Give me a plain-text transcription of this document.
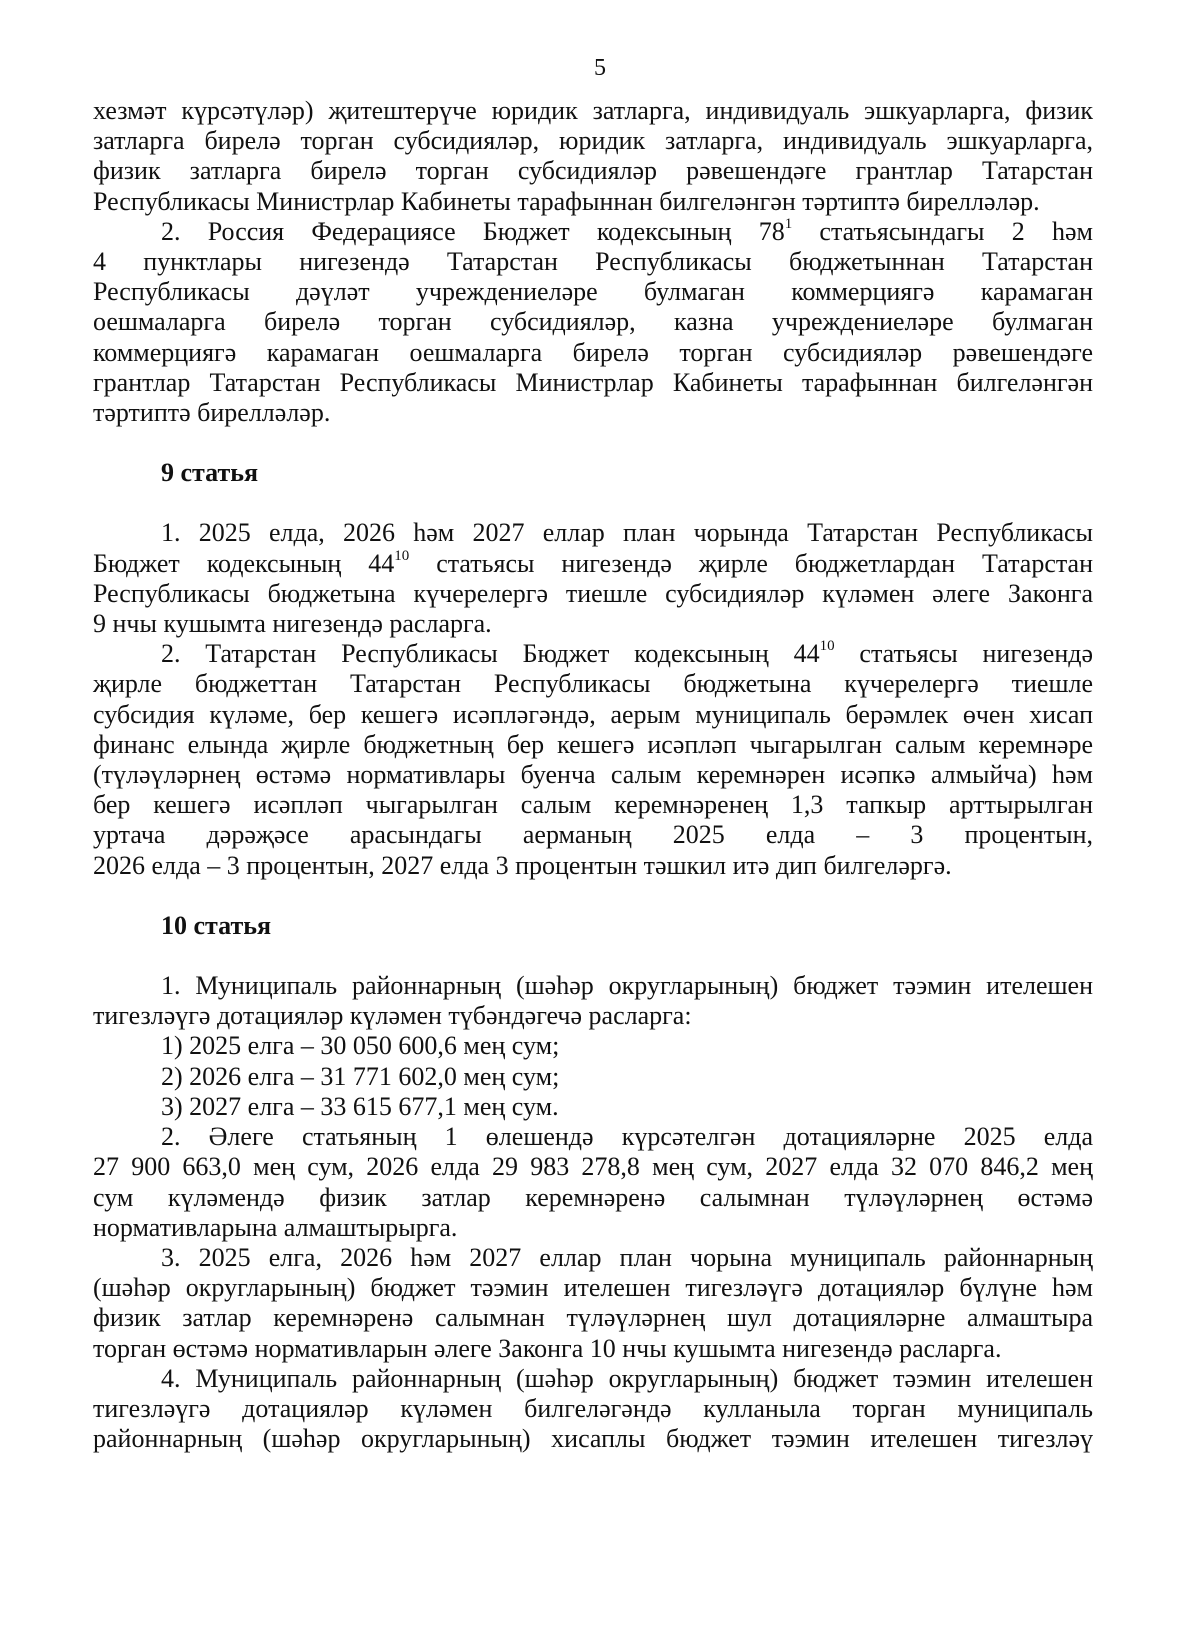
5
хезмәт күрсәтүләр) җитештерүче юридик затларга, индивидуаль эшкуарларга, физик
затларга бирелә торган субсидияләр, юридик затларга, индивидуаль эшкуарларга,
физик затларга бирелә торган субсидияләр рәвешендәге грантлар Татарстан
Республикасы Министрлар Кабинеты тарафыннан билгеләнгән тәртиптә бирелләләр.
2. Россия Федерациясе Бюджет кодексының $78^1$ статьясындагы 2 һәм
4 пунктлары нигезендә Татарстан Республикасы бюджетыннан Татарстан
Республикасы дәүләт учреждениеләре булмаган коммерциягә карамаган
оешмаларга бирелә торган субсидияләр, казна учреждениеләре булмаган
коммерциягә карамаган оешмаларга бирелә торган субсидияләр рәвешендәге
грантлар Татарстан Республикасы Министрлар Кабинеты тарафыннан билгеләнгән
тәртиптә бирелләләр.
9 статья
1. 2025 елда, 2026 һәм 2027 еллар план чорында Татарстан Республикасы
Бюджет кодексының $44^{10}$ статьясы нигезендә җирле бюджетлардан Татарстан
Республикасы бюджетына күчерелергә тиешле субсидияләр күләмен әлеге Законга
9 нчы кушымта нигезендә расларга.
2. Татарстан Республикасы Бюджет кодексының $44^{10}$ статьясы нигезендә
җирле бюджеттан Татарстан Республикасы бюджетына күчерелергә тиешле
субсидия күләме, бер кешегә исәпләгәндә, аерым муниципаль берәмлек өчен хисап
финанс елында җирле бюджетның бер кешегә исәпләп чыгарылган салым керемнәре
(түләүләрнең өстәмә нормативлары буенча салым керемнәрен исәпкә алмыйча) һәм
бер кешегә исәпләп чыгарылган салым керемнәренең 1,3 тапкыр арттырылган
уртача дәрәҗәсе арасындагы аерманың 2025 елда – 3 процентын,
2026 елда – 3 процентын, 2027 елда 3 процентын тәшкил итә дип билгеләргә.
10 статья
1. Муниципаль районнарның (шәһәр округларының) бюджет тәэмин ителешен
тигезләүгә дотацияләр күләмен түбәндәгечә расларга:
1) 2025 елга – 30 050 600,6 мең сум;
2) 2026 елга – 31 771 602,0 мең сум;
3) 2027 елга – 33 615 677,1 мең сум.
2. Әлеге статьяның 1 өлешендә күрсәтелгән дотацияләрне 2025 елда
27 900 663,0 мең сум, 2026 елда 29 983 278,8 мең сум, 2027 елда 32 070 846,2 мең
сум күләмендә физик затлар керемнәренә салымнан түләүләрнең өстәмә
нормативларына алмаштырырга.
3. 2025 елга, 2026 һәм 2027 еллар план чорына муниципаль районнарның
(шәһәр округларының) бюджет тәэмин ителешен тигезләүгә дотацияләр бүлүне һәм
физик затлар керемнәренә салымнан түләүләрнең шул дотацияләрне алмаштыра
торган өстәмә нормативларын әлеге Законга 10 нчы кушымта нигезендә расларга.
4. Муниципаль районнарның (шәһәр округларының) бюджет тәэмин ителешен
тигезләүгә дотацияләр күләмен билгеләгәндә кулланыла торган муниципаль
районнарның (шәһәр округларының) хисаплы бюджет тәэмин ителешен тигезләү
